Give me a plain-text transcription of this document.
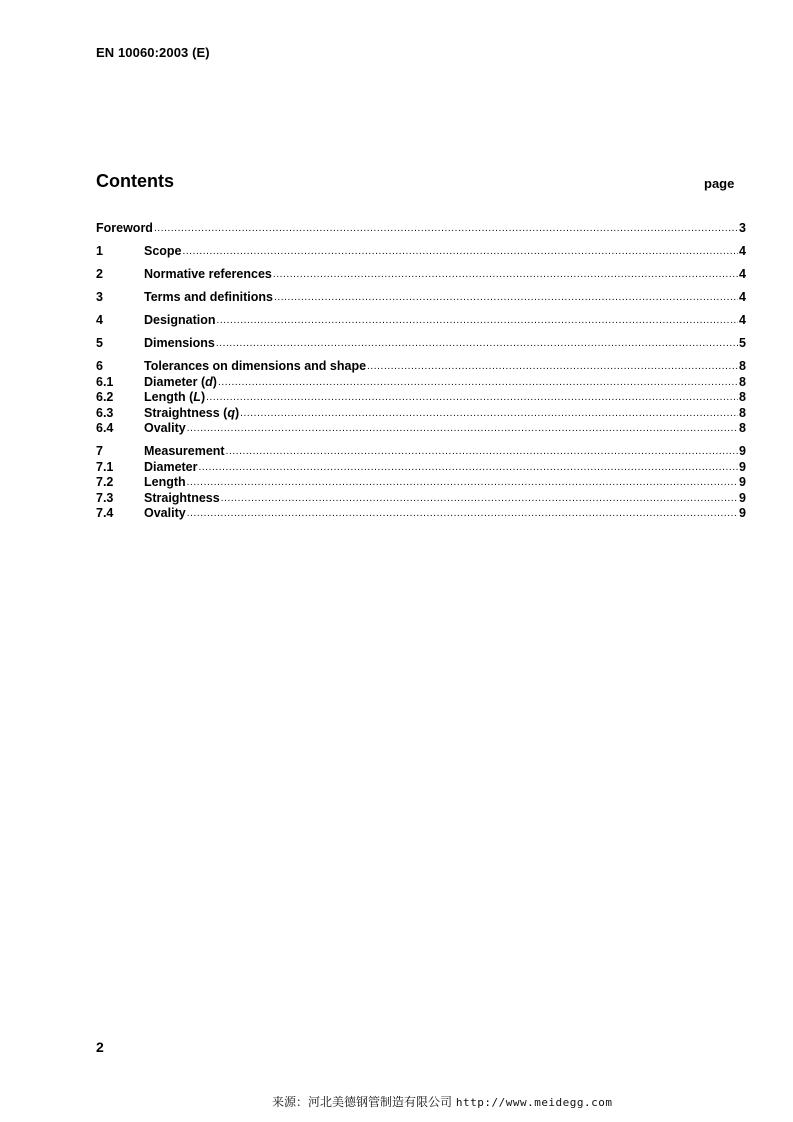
EN 10060:2003 (E)
Contents	page
Foreword .....	3
1	Scope .....	4
2	Normative references .....	4
3	Terms and definitions .....	4
4	Designation .....	4
5	Dimensions .....	5
6	Tolerances on dimensions and shape .....	8
6.1	Diameter (d) .....	8
6.2	Length (L) .....	8
6.3	Straightness (q) .....	8
6.4	Ovality .....	8
7	Measurement .....	9
7.1	Diameter .....	9
7.2	Length .....	9
7.3	Straightness .....	9
7.4	Ovality .....	9
2
来源：河北美德钢管制造有限公司 http://www.meidegg.com
